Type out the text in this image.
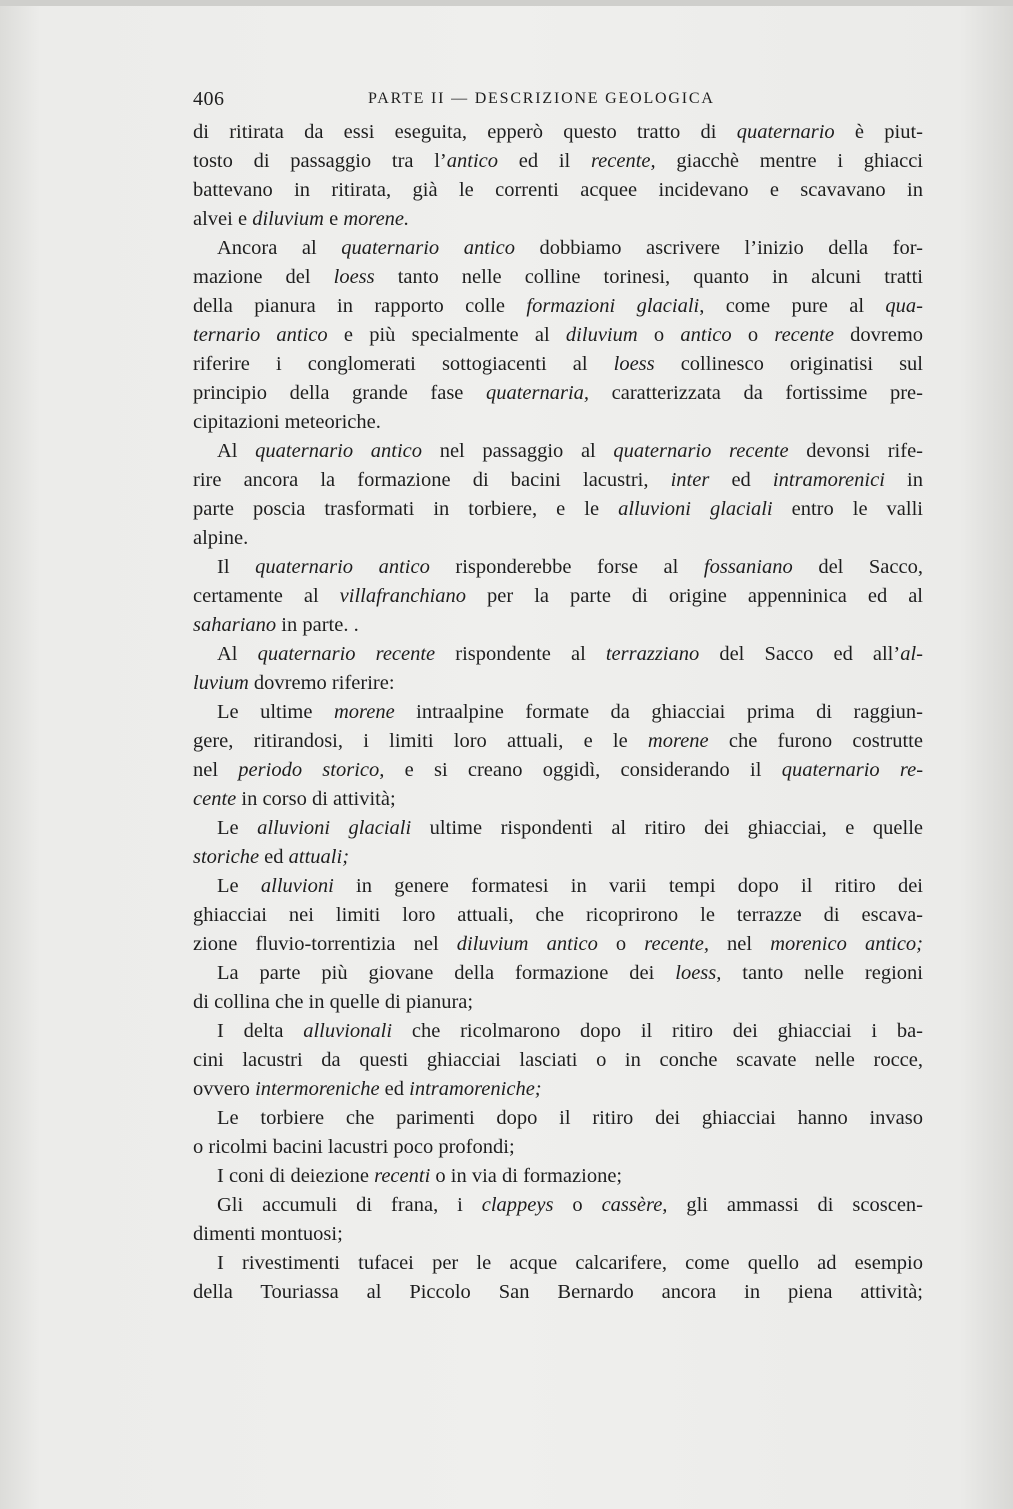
406	PARTE II — DESCRIZIONE GEOLOGICA
di ritirata da essi eseguita, epperò questo tratto di quaternario è piut-
tosto di passaggio tra l’antico ed il recente, giacchè mentre i ghiacci
battevano in ritirata, già le correnti acquee incidevano e scavavano in
alvei e diluvium e morene.
Ancora al quaternario antico dobbiamo ascrivere l’inizio della for-
mazione del loess tanto nelle colline torinesi, quanto in alcuni tratti
della pianura in rapporto colle formazioni glaciali, come pure al qua-
ternario antico e più specialmente al diluvium o antico o recente dovremo
riferire i conglomerati sottogiacenti al loess collinesco originatisi sul
principio della grande fase quaternaria, caratterizzata da fortissime pre-
cipitazioni meteoriche.
Al quaternario antico nel passaggio al quaternario recente devonsi rife-
rire ancora la formazione di bacini lacustri, inter ed intramorenici in
parte poscia trasformati in torbiere, e le alluvioni glaciali entro le valli
alpine.
Il quaternario antico risponderebbe forse al fossaniano del Sacco,
certamente al villafranchiano per la parte di origine appenninica ed al
sahariano in parte. .
Al quaternario recente rispondente al terrazziano del Sacco ed all’al-
luvium dovremo riferire:
Le ultime morene intraalpine formate da ghiacciai prima di raggiun-
gere, ritirandosi, i limiti loro attuali, e le morene che furono costrutte
nel periodo storico, e si creano oggidì, considerando il quaternario re-
cente in corso di attività;
Le alluvioni glaciali ultime rispondenti al ritiro dei ghiacciai, e quelle
storiche ed attuali;
Le alluvioni in genere formatesi in varii tempi dopo il ritiro dei
ghiacciai nei limiti loro attuali, che ricoprirono le terrazze di escava-
zione fluvio-torrentizia nel diluvium antico o recente, nel morenico antico;
La parte più giovane della formazione dei loess, tanto nelle regioni
di collina che in quelle di pianura;
I delta alluvionali che ricolmarono dopo il ritiro dei ghiacciai i ba-
cini lacustri da questi ghiacciai lasciati o in conche scavate nelle rocce,
ovvero intermoreniche ed intramoreniche;
Le torbiere che parimenti dopo il ritiro dei ghiacciai hanno invaso
o ricolmi bacini lacustri poco profondi;
I coni di deiezione recenti o in via di formazione;
Gli accumuli di frana, i clappeys o cassère, gli ammassi di scoscen-
dimenti montuosi;
I rivestimenti tufacei per le acque calcarifere, come quello ad esempio
della Touriassa al Piccolo San Bernardo ancora in piena attività;
